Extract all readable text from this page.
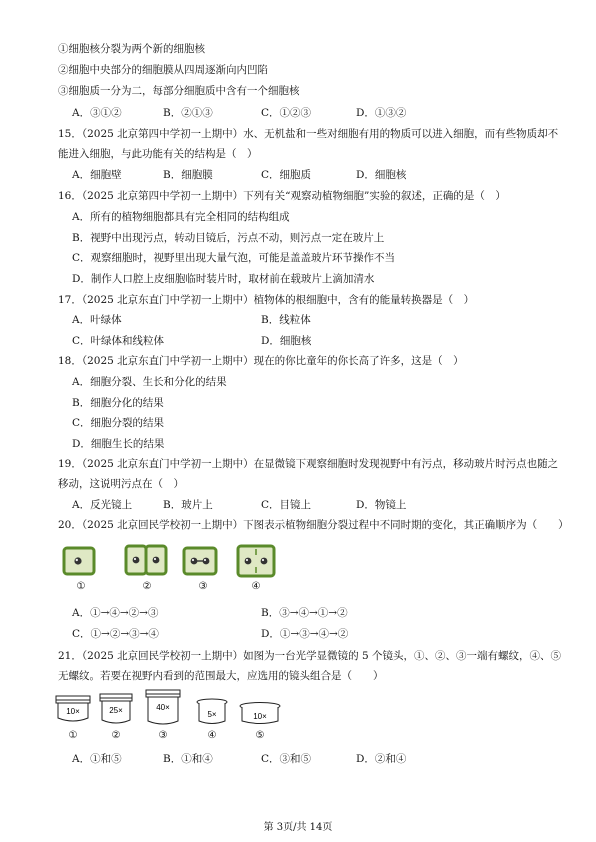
①细胞核分裂为两个新的细胞核
②细胞中央部分的细胞膜从四周逐渐向内凹陷
③细胞质一分为二，每部分细胞质中含有一个细胞核
A．③①②	B．②①③	C．①②③	D．①③②
15．（2025 北京第四中学初一上期中）水、无机盐和一些对细胞有用的物质可以进入细胞，而有些物质却不
能进入细胞，与此功能有关的结构是（　）
A．细胞壁	B．细胞膜	C．细胞质	D．细胞核
16．（2025 北京第四中学初一上期中）下列有关“观察动植物细胞”实验的叙述，正确的是（　）
A．所有的植物细胞都具有完全相同的结构组成
B．视野中出现污点，转动目镜后，污点不动，则污点一定在玻片上
C．观察细胞时，视野里出现大量气泡，可能是盖盖玻片环节操作不当
D．制作人口腔上皮细胞临时装片时，取材前在载玻片上滴加清水
17．（2025 北京东直门中学初一上期中）植物体的根细胞中，含有的能量转换器是（　）
A．叶绿体	B．线粒体
C．叶绿体和线粒体	D．细胞核
18．（2025 北京东直门中学初一上期中）现在的你比童年的你长高了许多，这是（　）
A．细胞分裂、生长和分化的结果
B．细胞分化的结果
C．细胞分裂的结果
D．细胞生长的结果
19．（2025 北京东直门中学初一上期中）在显微镜下观察细胞时发现视野中有污点，移动玻片时污点也随之
移动，这说明污点在（　）
A．反光镜上	B．玻片上	C．目镜上	D．物镜上
20．（2025 北京回民学校初一上期中）下图表示植物细胞分裂过程中不同时期的变化，其正确顺序为（　　）
①	②	③	④
A．①→④→②→③	B．③→④→①→②
C．①→②→③→④	D．①→③→④→②
21．（2025 北京回民学校初一上期中）如图为一台光学显微镜的 5 个镜头，①、②、③一端有螺纹，④、⑤
无螺纹。若要在视野内看到的范围最大，应选用的镜头组合是（　　）
10×	25×	40×
5×	10×
①	②	③	④	⑤
A．①和⑤	B．①和④	C．③和⑤	D．②和④
第 3页/共 14页
